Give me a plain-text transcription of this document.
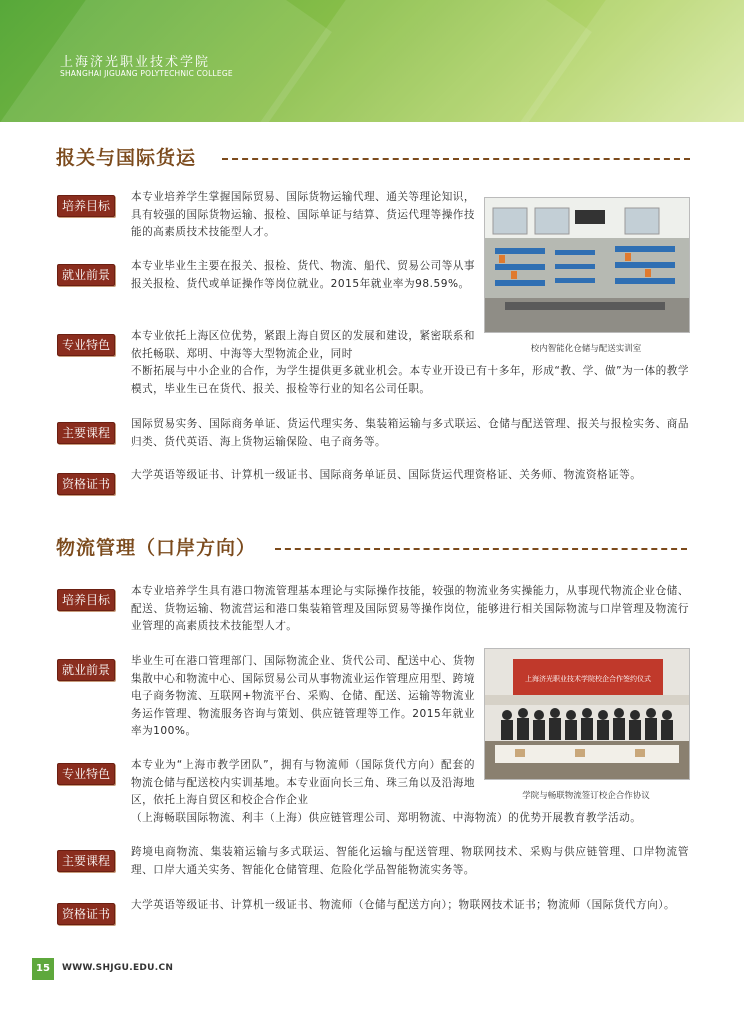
上海济光职业技术学院
SHANGHAI JIGUANG POLYTECHNIC COLLEGE
报关与国际货运
培养目标
本专业培养学生掌握国际贸易、国际货物运输代理、通关等理论知识，具有较强的国际货物运输、报检、国际单证与结算、货运代理等操作技能的高素质技术技能型人才。
就业前景
本专业毕业生主要在报关、报检、货代、物流、船代、贸易公司等从事报关报检、货代或单证操作等岗位就业。2015年就业率为98.59%。
专业特色
本专业依托上海区位优势，紧跟上海自贸区的发展和建设，紧密联系和依托畅联、郑明、中海等大型物流企业，同时
不断拓展与中小企业的合作，为学生提供更多就业机会。本专业开设已有十多年，形成“教、学、做”为一体的教学模式，毕业生已在货代、报关、报检等行业的知名公司任职。
主要课程
国际贸易实务、国际商务单证、货运代理实务、集装箱运输与多式联运、仓储与配送管理、报关与报检实务、商品归类、货代英语、海上货物运输保险、电子商务等。
资格证书
大学英语等级证书、计算机一级证书、国际商务单证员、国际货运代理资格证、关务师、物流资格证等。
校内智能化仓储与配送实训室
物流管理（口岸方向）
培养目标
本专业培养学生具有港口物流管理基本理论与实际操作技能，较强的物流业务实操能力，从事现代物流企业仓储、配送、货物运输、物流营运和港口集装箱管理及国际贸易等操作岗位，能够进行相关国际物流与口岸管理及物流行业管理的高素质技术技能型人才。
就业前景
毕业生可在港口管理部门、国际物流企业、货代公司、配送中心、货物集散中心和物流中心、国际贸易公司从事物流业运作管理应用型、跨境电子商务物流、互联网+物流平台、采购、仓储、配送、运输等物流业务运作管理、物流服务咨询与策划、供应链管理等工作。2015年就业率为100%。
专业特色
本专业为“上海市教学团队”，拥有与物流师（国际货代方向）配套的物流仓储与配送校内实训基地。本专业面向长三角、珠三角以及沿海地区，依托上海自贸区和校企合作企业
（上海畅联国际物流、利丰（上海）供应链管理公司、郑明物流、中海物流）的优势开展教育教学活动。
主要课程
跨境电商物流、集装箱运输与多式联运、智能化运输与配送管理、物联网技术、采购与供应链管理、口岸物流管理、口岸大通关实务、智能化仓储管理、危险化学品智能物流实务等。
资格证书
大学英语等级证书、计算机一级证书、物流师（仓储与配送方向）；物联网技术证书；物流师（国际货代方向）。
上海济光职业技术学院校企合作签约仪式
学院与畅联物流签订校企合作协议
15	WWW.SHJGU.EDU.CN
